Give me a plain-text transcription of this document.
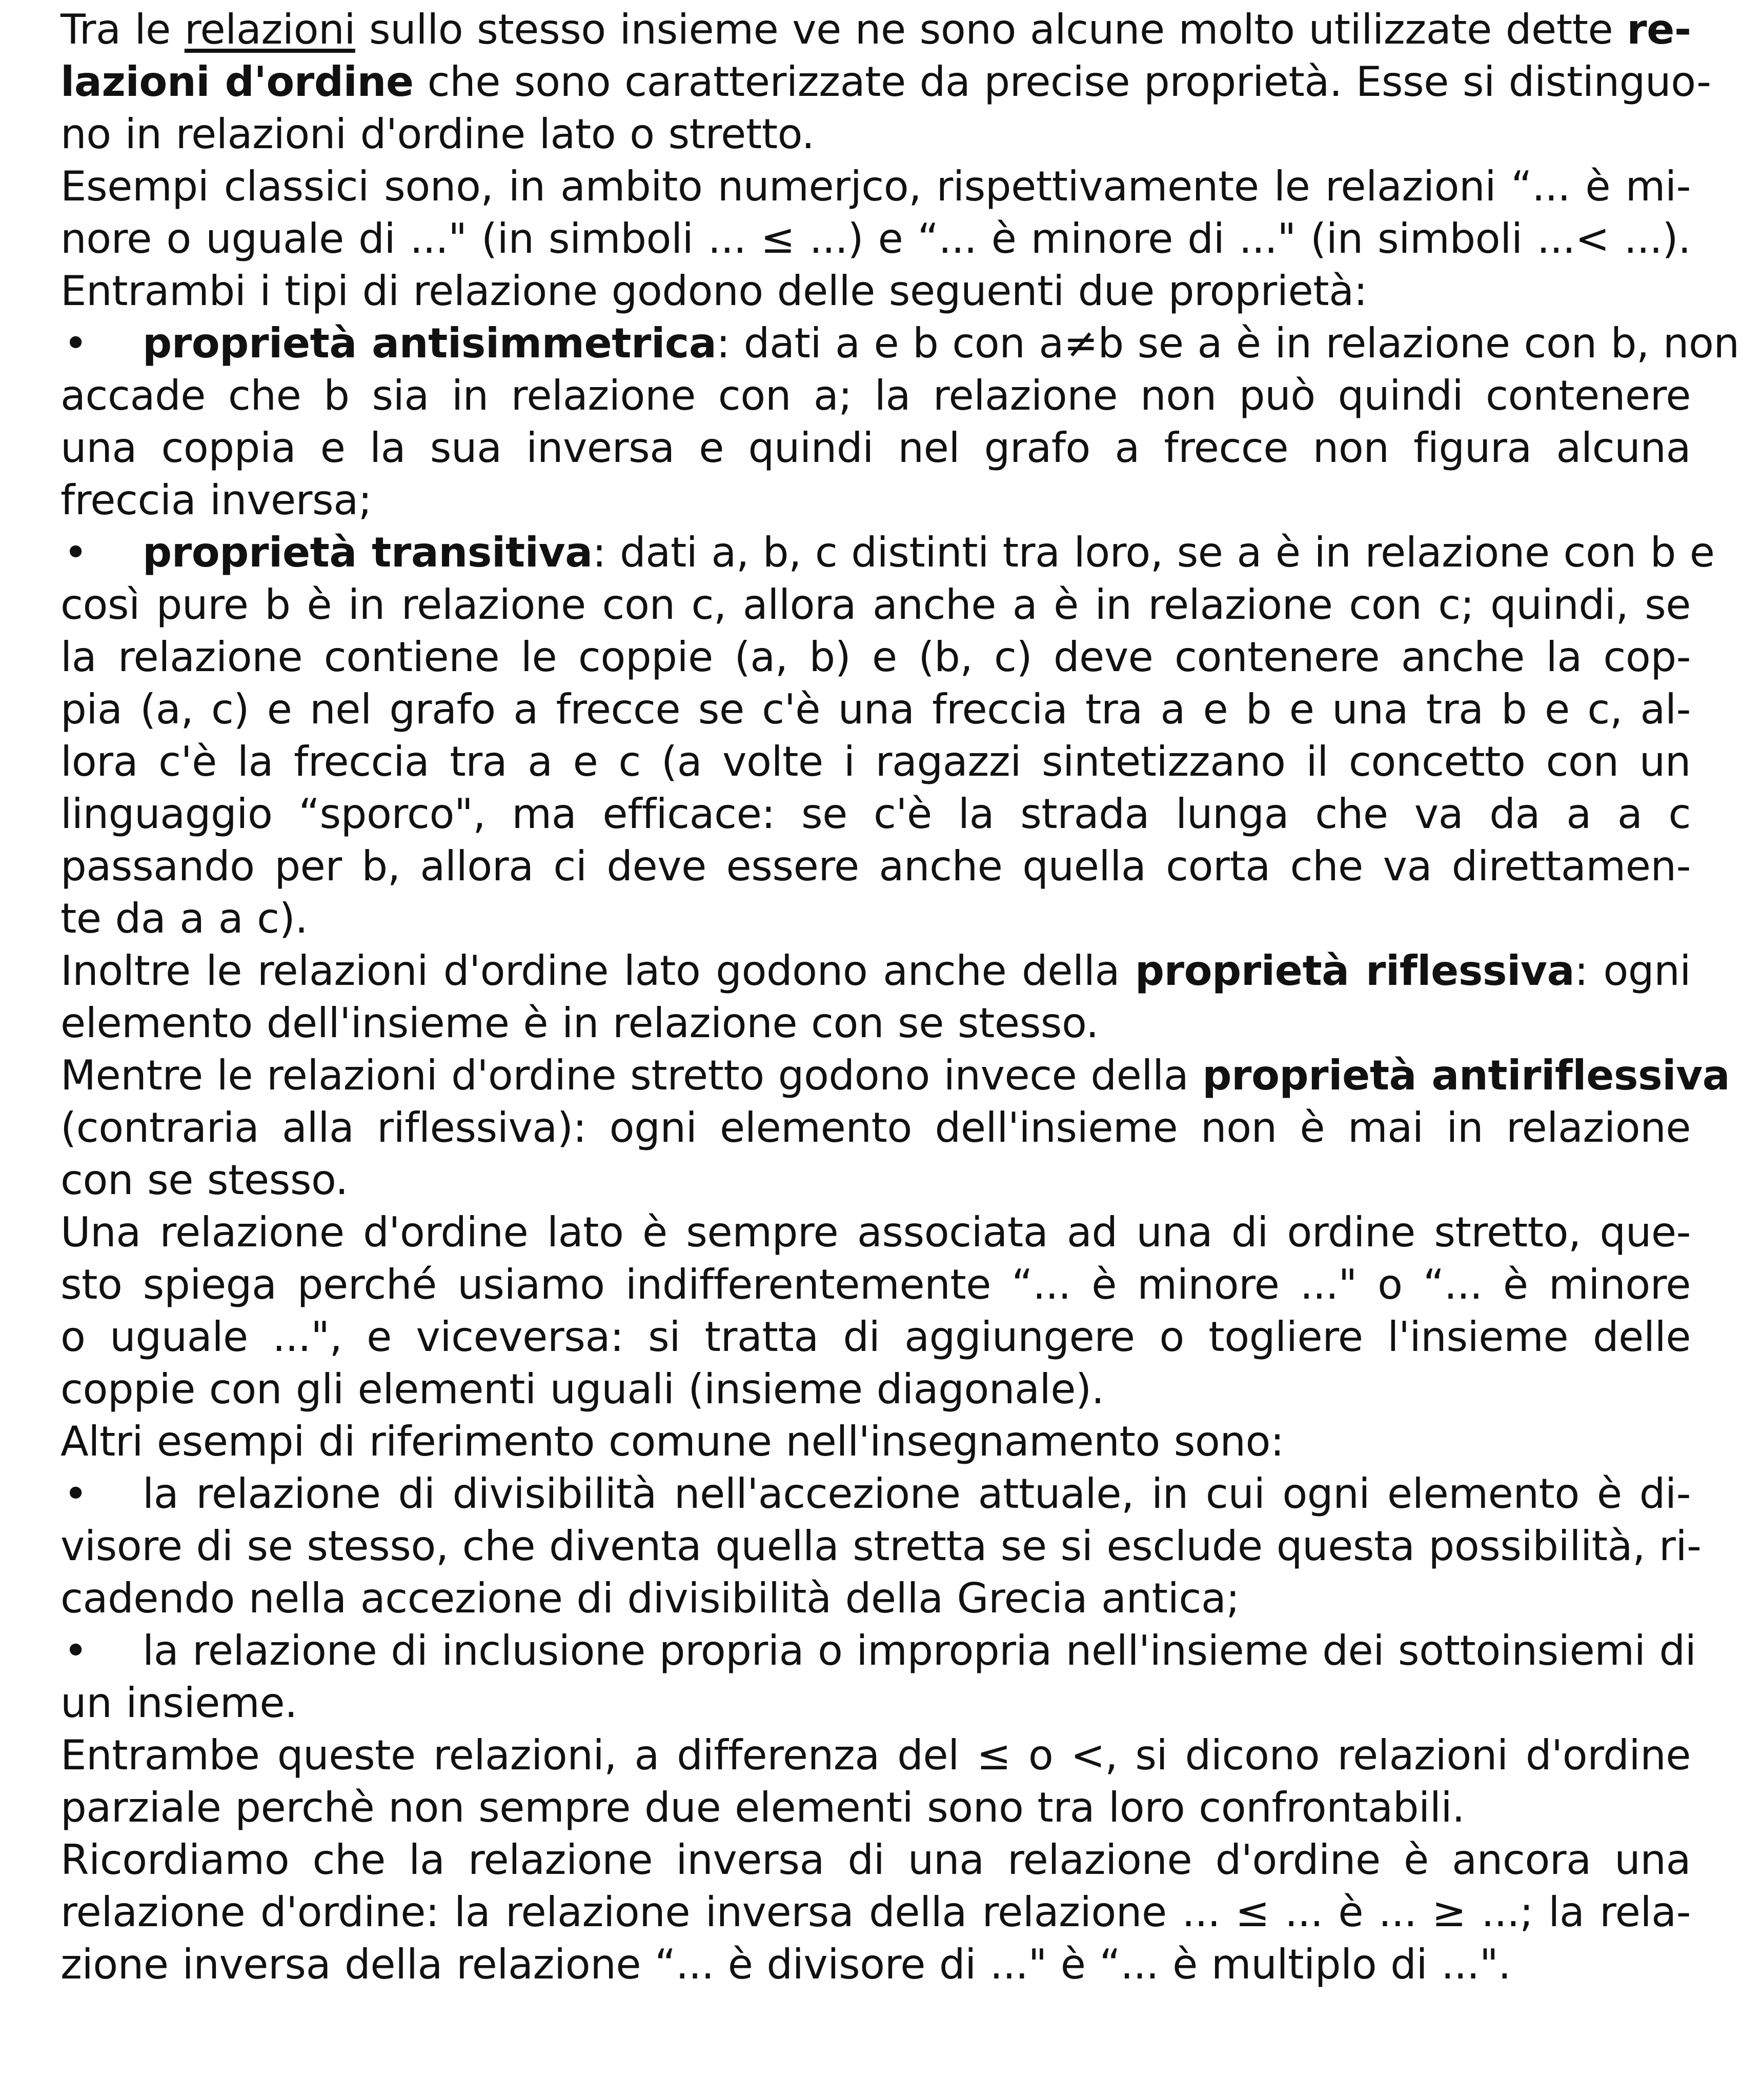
Tra le relazioni sullo stesso insieme ve ne sono alcune molto utilizzate dette re-
lazioni d'ordine che sono caratterizzate da precise proprietà. Esse si distinguo-
no in relazioni d'ordine lato o stretto.
Esempi classici sono, in ambito numerjco, rispettivamente le relazioni “... è mi-
nore o uguale di ..." (in simboli ... ≤ ...) e “... è minore di ..." (in simboli ...< ...).
Entrambi i tipi di relazione godono delle seguenti due proprietà:
• proprietà antisimmetrica: dati a e b con a≠b se a è in relazione con b, non
accade che b sia in relazione con a; la relazione non può quindi contenere
una coppia e la sua inversa e quindi nel grafo a frecce non figura alcuna
freccia inversa;
• proprietà transitiva: dati a, b, c distinti tra loro, se a è in relazione con b e
così pure b è in relazione con c, allora anche a è in relazione con c; quindi, se
la relazione contiene le coppie (a, b) e (b, c) deve contenere anche la cop-
pia (a, c) e nel grafo a frecce se c'è una freccia tra a e b e una tra b e c, al-
lora c'è la freccia tra a e c (a volte i ragazzi sintetizzano il concetto con un
linguaggio “sporco", ma efficace: se c'è la strada lunga che va da a a c
passando per b, allora ci deve essere anche quella corta che va direttamen-
te da a a c).
Inoltre le relazioni d'ordine lato godono anche della proprietà riflessiva: ogni
elemento dell'insieme è in relazione con se stesso.
Mentre le relazioni d'ordine stretto godono invece della proprietà antiriflessiva
(contraria alla riflessiva): ogni elemento dell'insieme non è mai in relazione
con se stesso.
Una relazione d'ordine lato è sempre associata ad una di ordine stretto, que-
sto spiega perché usiamo indifferentemente “... è minore ..." o “... è minore
o uguale ...", e viceversa: si tratta di aggiungere o togliere l'insieme delle
coppie con gli elementi uguali (insieme diagonale).
Altri esempi di riferimento comune nell'insegnamento sono:
• la relazione di divisibilità nell'accezione attuale, in cui ogni elemento è di-
visore di se stesso, che diventa quella stretta se si esclude questa possibilità, ri-
cadendo nella accezione di divisibilità della Grecia antica;
• la relazione di inclusione propria o impropria nell'insieme dei sottoinsiemi di
un insieme.
Entrambe queste relazioni, a differenza del ≤ o <, si dicono relazioni d'ordine
parziale perchè non sempre due elementi sono tra loro confrontabili.
Ricordiamo che la relazione inversa di una relazione d'ordine è ancora una
relazione d'ordine: la relazione inversa della relazione ... ≤ ... è ... ≥ ...; la rela-
zione inversa della relazione “... è divisore di ..." è “... è multiplo di ...".
